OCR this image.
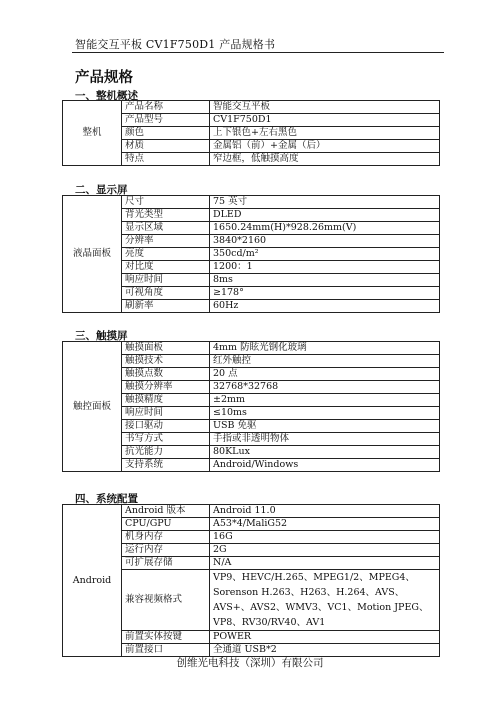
智能交互平板 CV1F750D1 产品规格书
产品规格
一、整机概述
整机	产品名称	智能交互平板
	产品型号	CV1F750D1
	颜色	上下银色+左右黑色
	材质	金属铝（前）+金属（后）
	特点	窄边框，低触摸高度
二、显示屏
液晶面板	尺寸	75 英寸
	背光类型	DLED
	显示区域	1650.24mm(H)*928.26mm(V)
	分辨率	3840*2160
	亮度	350cd/m²
	对比度	1200：1
	响应时间	8ms
	可视角度	≥178°
	刷新率	60Hz
三、触摸屏
触控面板	触摸面板	4mm 防眩光钢化玻璃
	触摸技术	红外触控
	触摸点数	20 点
	触摸分辨率	32768*32768
	触摸精度	±2mm
	响应时间	≤10ms
	接口驱动	USB 免驱
	书写方式	手指或非透明物体
	抗光能力	80KLux
	支持系统	Android/Windows
四、系统配置
Android	Android 版本	Android 11.0
	CPU/GPU	A53*4/MaliG52
	机身内存	16G
	运行内存	2G
	可扩展存储	N/A
	兼容视频格式	VP9、HEVC/H.265、MPEG1/2、MPEG4、Sorenson H.263、H263、H.264、AVS、AVS+、AVS2、WMV3、VC1、Motion JPEG、VP8、RV30/RV40、AV1
	前置实体按键	POWER
	前置接口	全通道 USB*2
创维光电科技（深圳）有限公司
